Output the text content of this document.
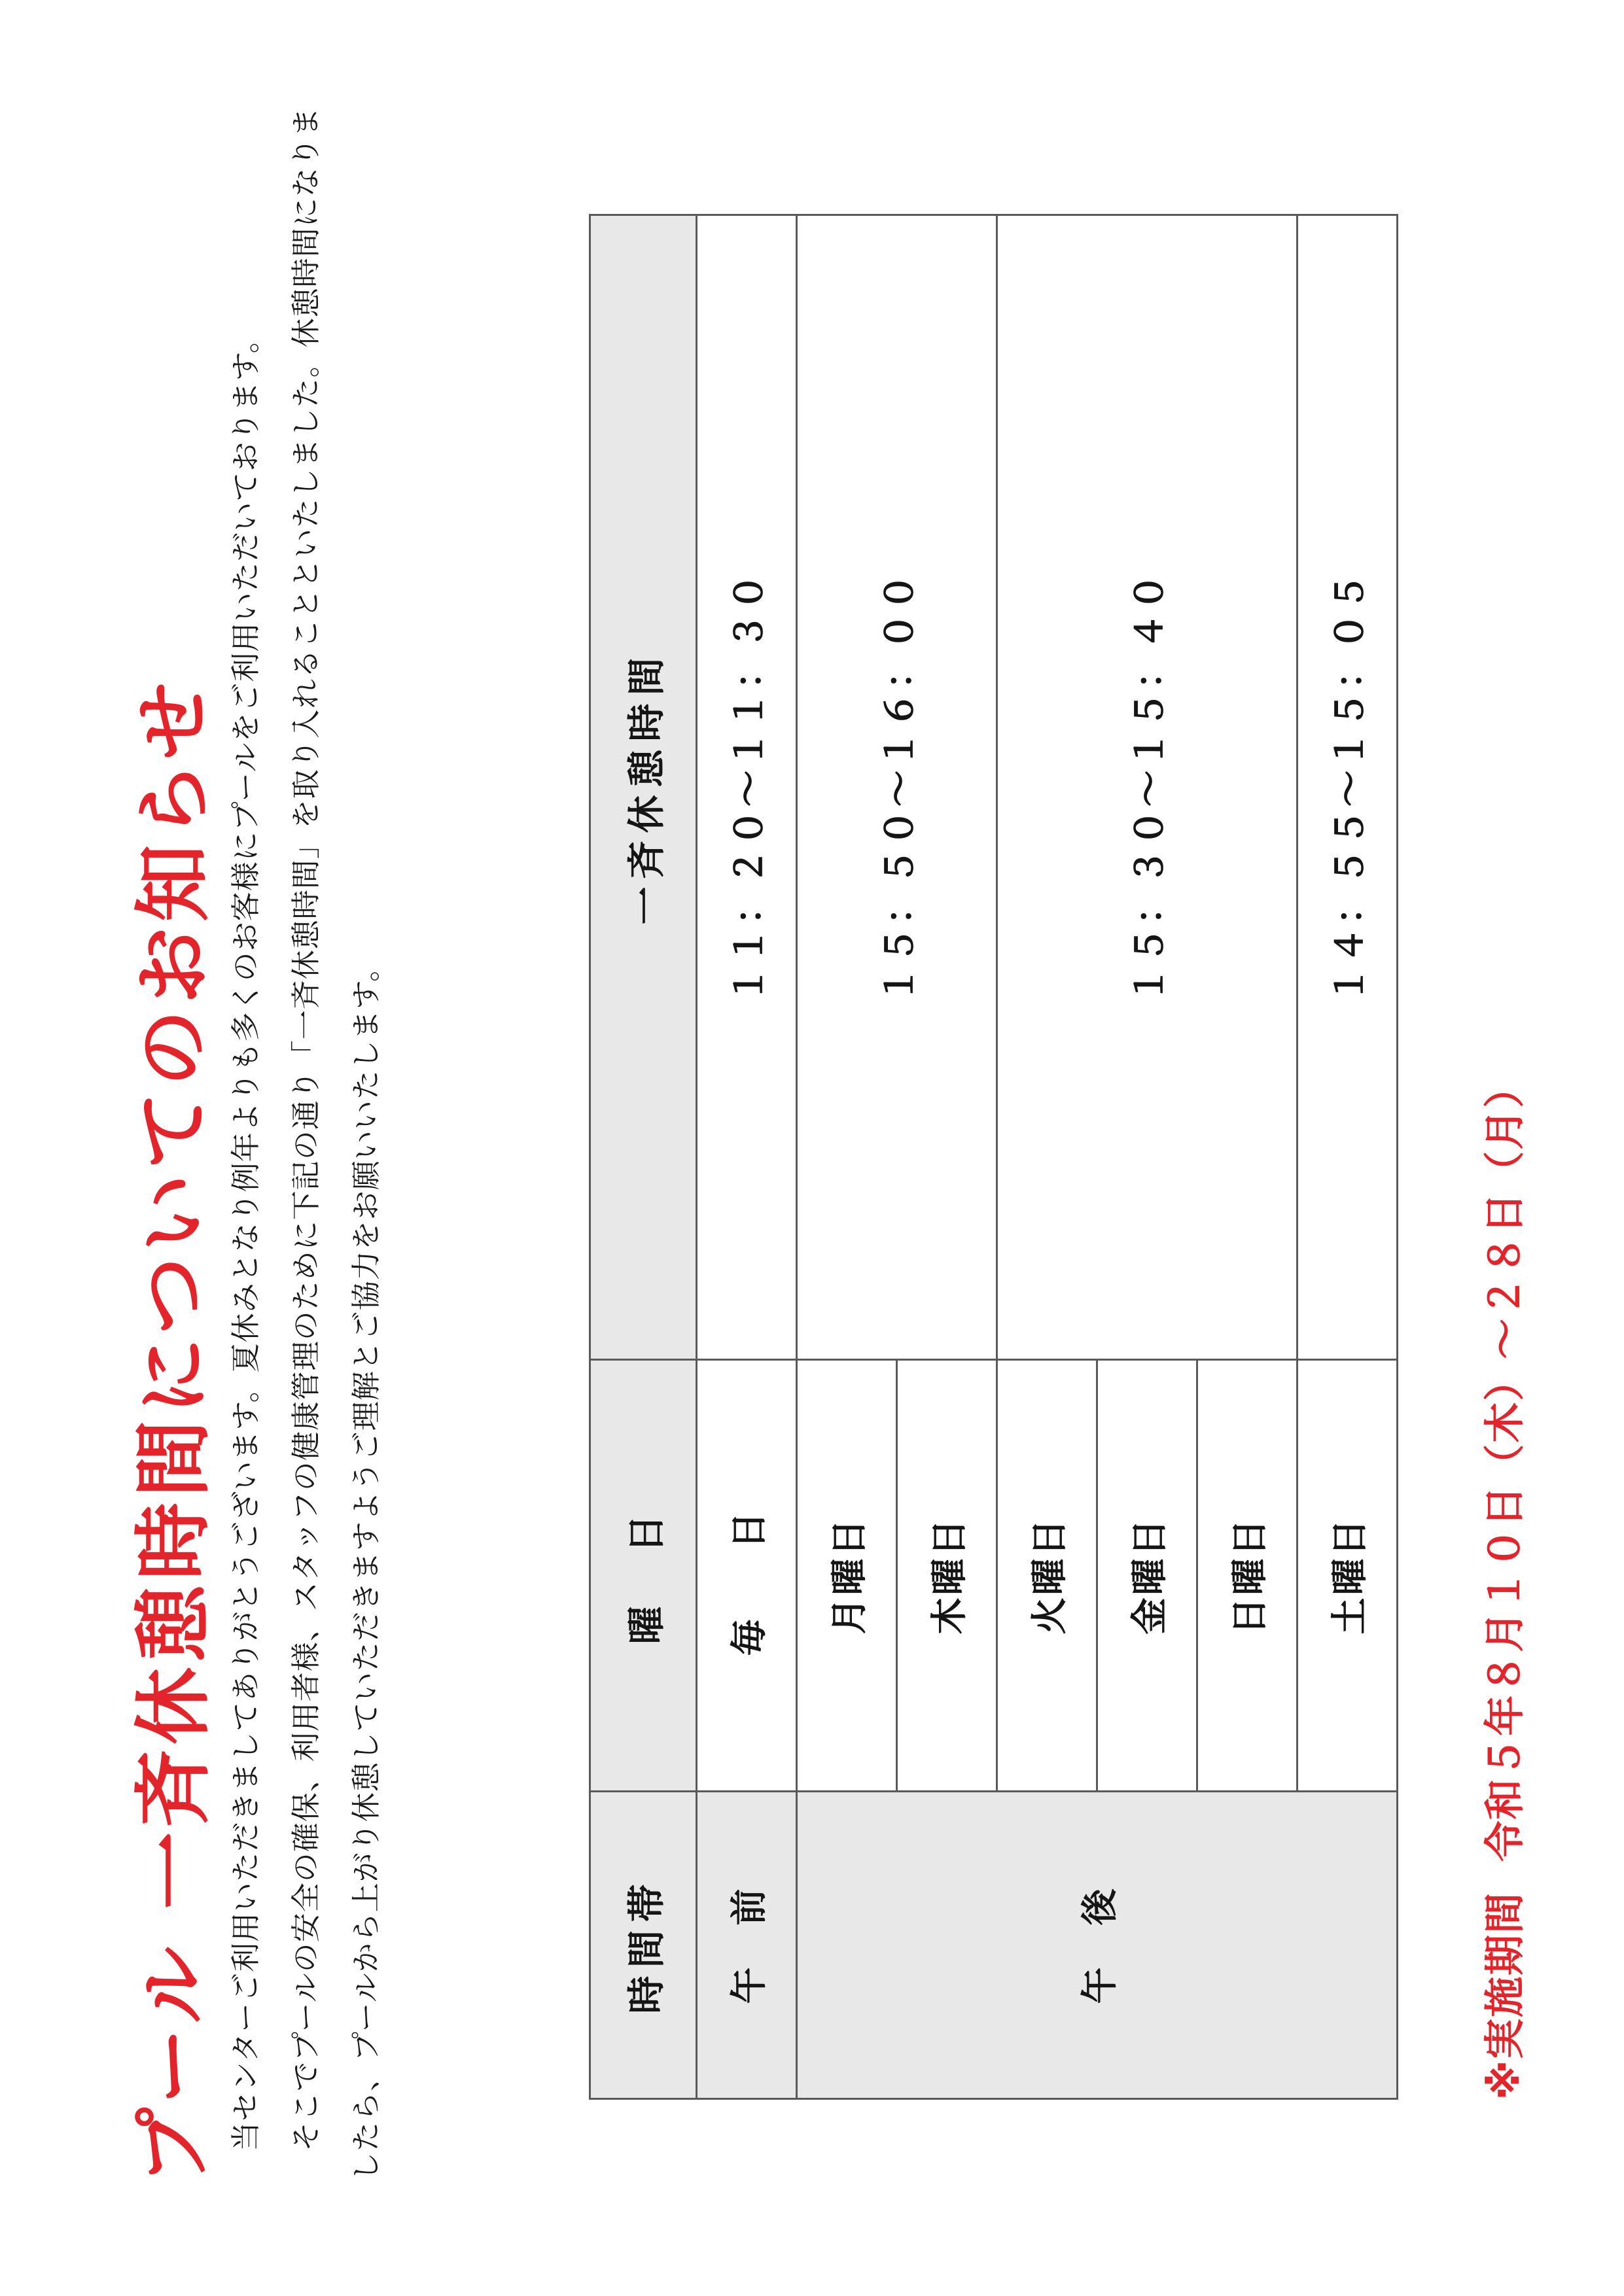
プール 一斉休憩時間についてのお知らせ 当センターご利用いただきましてありがとうございます。夏休みとなり例年よりも多くのお客様にプールをご利用いただいております。 そこでプールの安全の確保、利用者様、スタッフの健康管理のために下記の通り「一斉休憩時間」を取り入れることといたしました。休憩時間になりましたら、プールから上がり休憩していただきますようご理解とご協力をお願いいたします。	時間帯	曜　日	一斉休憩時間
午　前	毎　日	１１：２０～１１：３０
午　後	月曜日	１５：５０～１６：００
	木曜日	
	火曜日	１５：３０～１５：４０
	金曜日	
	日曜日	
	土曜日	１４：５５～１５：０５
※実施期間令和５年８月１０日（木）～２８日（月）
